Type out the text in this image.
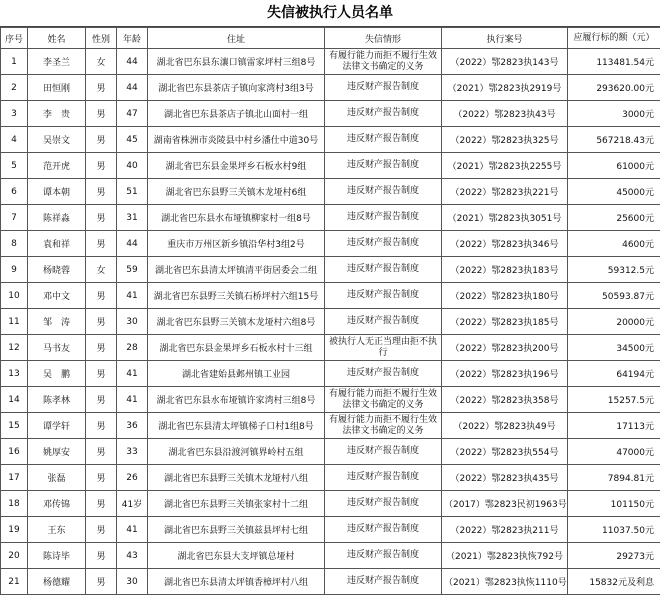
失信被执行人员名单
序号	姓名	性别	年龄	住址	失信情形	执行案号	应履行标的额（元）
1	李圣兰	女	44	湖北省巴东县东瀼口镇雷家坪村三组8号	有履行能力而拒不履行生效法律文书确定的义务	（2022）鄂2823执143号	113481.54元
2	田恒刚	男	44	湖北省巴东县茶店子镇向家湾村3组3号	违反财产报告制度	（2021）鄂2823执2919号	293620.00元
3	李　贵	男	47	湖北省巴东县茶店子镇北山面村一组	违反财产报告制度	（2022）鄂2823执43号	3000元
4	吴崇文	男	45	湖南省株洲市炎陵县中村乡潘仕中道30号	违反财产报告制度	（2022）鄂2823执325号	567218.43元
5	范开虎	男	40	湖北省巴东县金果坪乡石板水村9组	违反财产报告制度	（2021）鄂2823执2255号	61000元
6	谭本朝	男	51	湖北省巴东县野三关镇木龙垭村6组	违反财产报告制度	（2022）鄂2823执221号	45000元
7	陈祥淼	男	31	湖北省巴东县水布垭镇柳家村一组8号	违反财产报告制度	（2021）鄂2823执3051号	25600元
8	袁和祥	男	44	重庆市万州区新乡镇沿华村3组2号	违反财产报告制度	（2022）鄂2823执346号	4600元
9	杨晓蓉	女	59	湖北省巴东县清太坪镇清平街居委会二组	违反财产报告制度	（2022）鄂2823执183号	59312.5元
10	邓中文	男	41	湖北省巴东县野三关镇石桥坪村六组15号	违反财产报告制度	（2022）鄂2823执180号	50593.87元
11	邹　涛	男	30	湖北省巴东县野三关镇木龙垭村六组8号	违反财产报告制度	（2022）鄂2823执185号	20000元
12	马书友	男	28	湖北省巴东县金果坪乡石板水村十三组	被执行人无正当理由拒不执行	（2022）鄂2823执200号	34500元
13	吴　鹏	男	41	湖北省建始县邺州镇工业园	违反财产报告制度	（2022）鄂2823执196号	64194元
14	陈孝林	男	41	湖北省巴东县水布垭镇许家湾村三组8号	有履行能力而拒不履行生效法律文书确定的义务	（2022）鄂2823执358号	15257.5元
15	谭学轩	男	36	湖北省巴东县清太坪镇梯子口村1组8号	有履行能力而拒不履行生效法律文书确定的义务	（2022）鄂2823执49号	17113元
16	姚厚安	男	33	湖北省巴东县沿渡河镇界岭村五组	违反财产报告制度	（2022）鄂2823执554号	47000元
17	张磊	男	26	湖北省巴东县野三关镇木龙垭村八组	违反财产报告制度	（2022）鄂2823执435号	7894.81元
18	邓传锦	男	41岁	湖北省巴东县野三关镇张家村十二组	违反财产报告制度	（2017）鄂2823民初1963号	101150元
19	王东	男	41	湖北省巴东县野三关镇兹县坪村七组	违反财产报告制度	（2022）鄂2823执211号	11037.50元
20	陈诗毕	男	43	湖北省巴东县大支坪镇总垭村	违反财产报告制度	（2021）鄂2823执恢792号	29273元
21	杨德耀	男	30	湖北省巴东县清太坪镇香樟坪村八组	违反财产报告制度	（2021）鄂2823执恢1110号	15832元及利息
